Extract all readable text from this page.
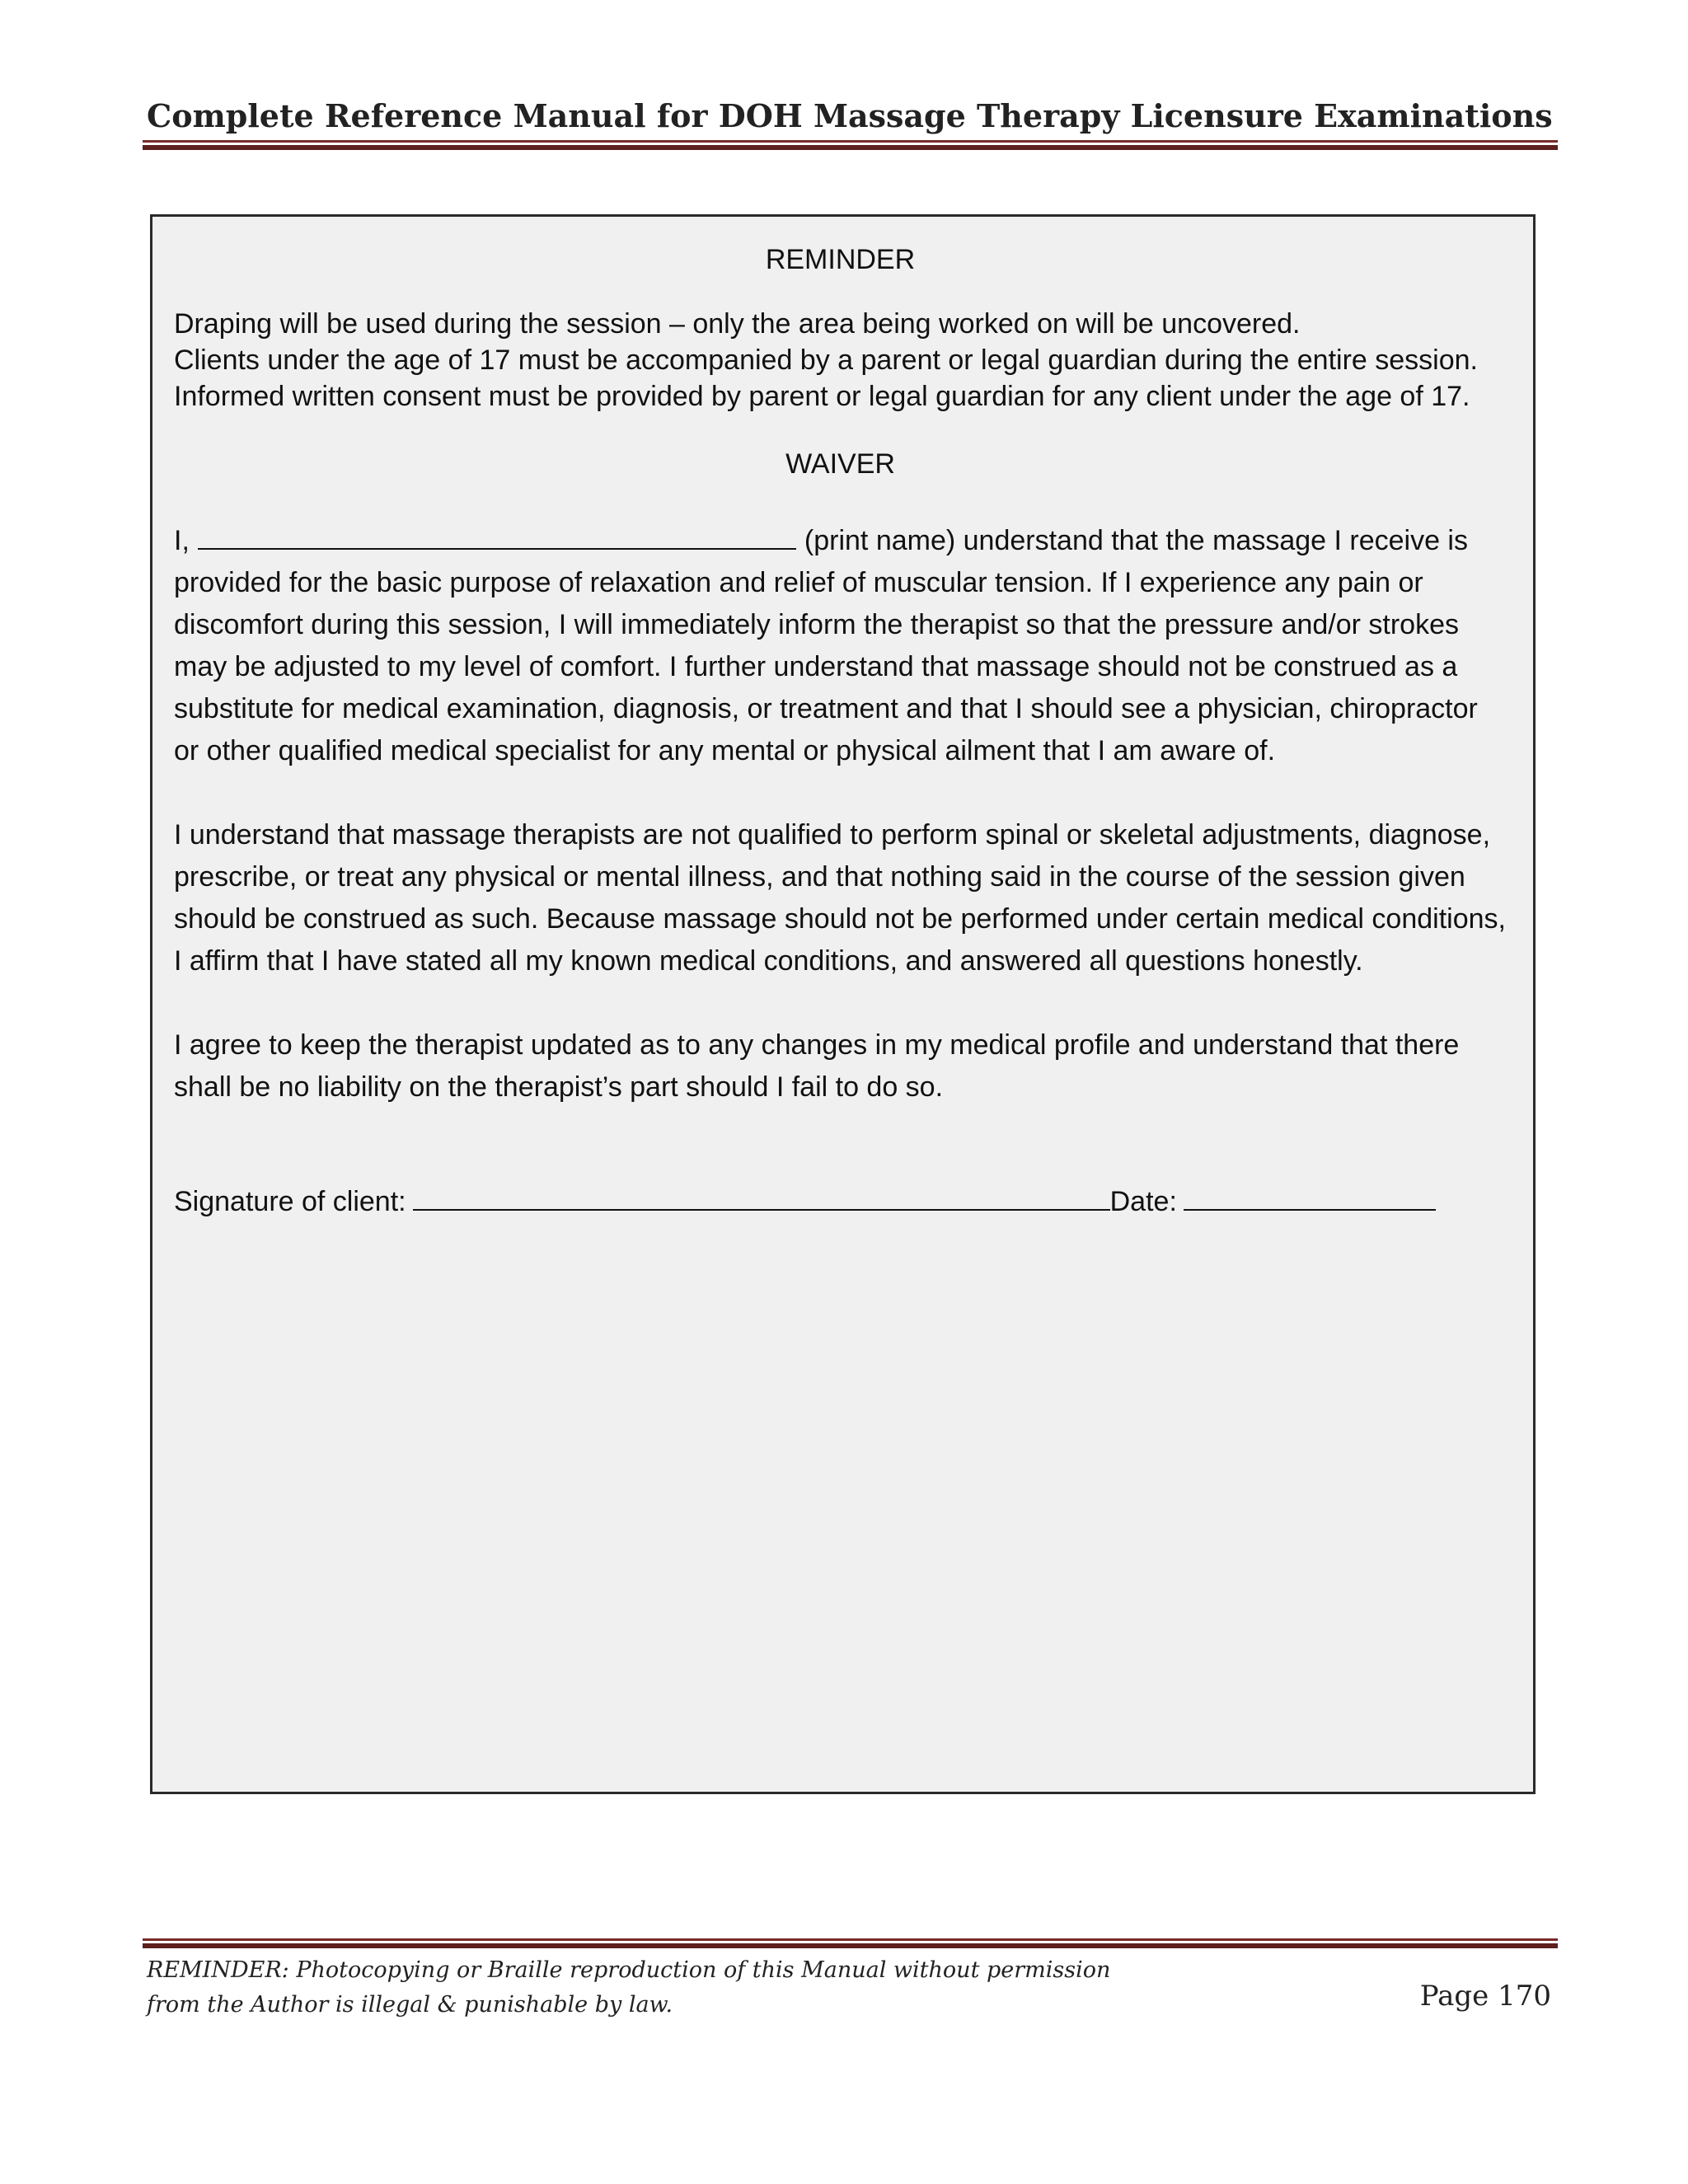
Complete Reference Manual for DOH Massage Therapy Licensure Examinations
REMINDER
Draping will be used during the session – only the area being worked on will be uncovered.
Clients under the age of 17 must be accompanied by a parent or legal guardian during the entire session.
Informed written consent must be provided by parent or legal guardian for any client under the age of 17.
WAIVER

I,	(print name) understand that the massage I receive is provided for the basic purpose of relaxation and relief of muscular tension. If I experience any pain or discomfort during this session, I will immediately inform the therapist so that the pressure and/or strokes may be adjusted to my level of comfort. I further understand that massage should not be construed as a substitute for medical examination, diagnosis, or treatment and that I should see a physician, chiropractor or other qualified medical specialist for any mental or physical ailment that I am aware of.

I understand that massage therapists are not qualified to perform spinal or skeletal adjustments, diagnose, prescribe, or treat any physical or mental illness, and that nothing said in the course of the session given should be construed as such. Because massage should not be performed under certain medical conditions, I affirm that I have stated all my known medical conditions, and answered all questions honestly.

I agree to keep the therapist updated as to any changes in my medical profile and understand that there shall be no liability on the therapist’s part should I fail to do so.

Signature of client:	Date:
REMINDER: Photocopying or Braille reproduction of this Manual without permission
from the Author is illegal & punishable by law.	Page 170
